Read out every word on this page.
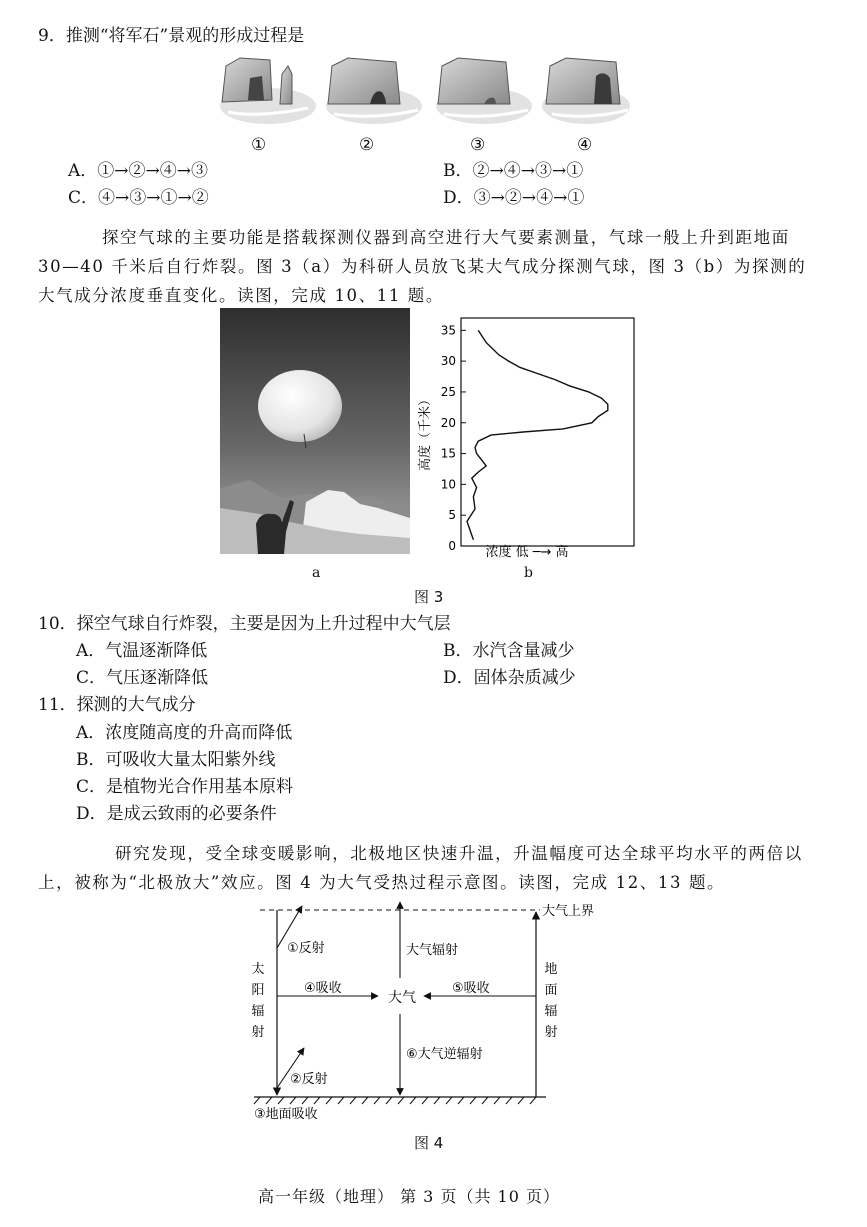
9．推测“将军石”景观的形成过程是
①	②	③	④
A．①→②→④→③	B．②→④→③→①
C．④→③→①→②	D．③→②→④→①
探空气球的主要功能是搭载探测仪器到高空进行大气要素测量，气球一般上升到距地面
30—40 千米后自行炸裂。图 3（a）为科研人员放飞某大气成分探测气球，图 3（b）为探测的
大气成分浓度垂直变化。读图，完成 10、11 题。
a
0
5
10
15
20
25
30
35
高度（千米）
浓度 低 ─→ 高
b
图 3
10．探空气球自行炸裂，主要是因为上升过程中大气层
A．气温逐渐降低	B．水汽含量减少
C．气压逐渐降低	D．固体杂质减少
11．探测的大气成分
A．浓度随高度的升高而降低
B．可吸收大量太阳紫外线
C．是植物光合作用基本原料
D．是成云致雨的必要条件
研究发现，受全球变暖影响，北极地区快速升温，升温幅度可达全球平均水平的两倍以
上，被称为“北极放大”效应。图 4 为大气受热过程示意图。读图，完成 12、13 题。
大气上界
①反射	大气辐射
④吸收
大气
⑤吸收
⑥大气逆辐射
②反射
③地面吸收
太
阳
辐
射
地
面
辐
射
图 4
高一年级（地理） 第 3 页（共 10 页）
